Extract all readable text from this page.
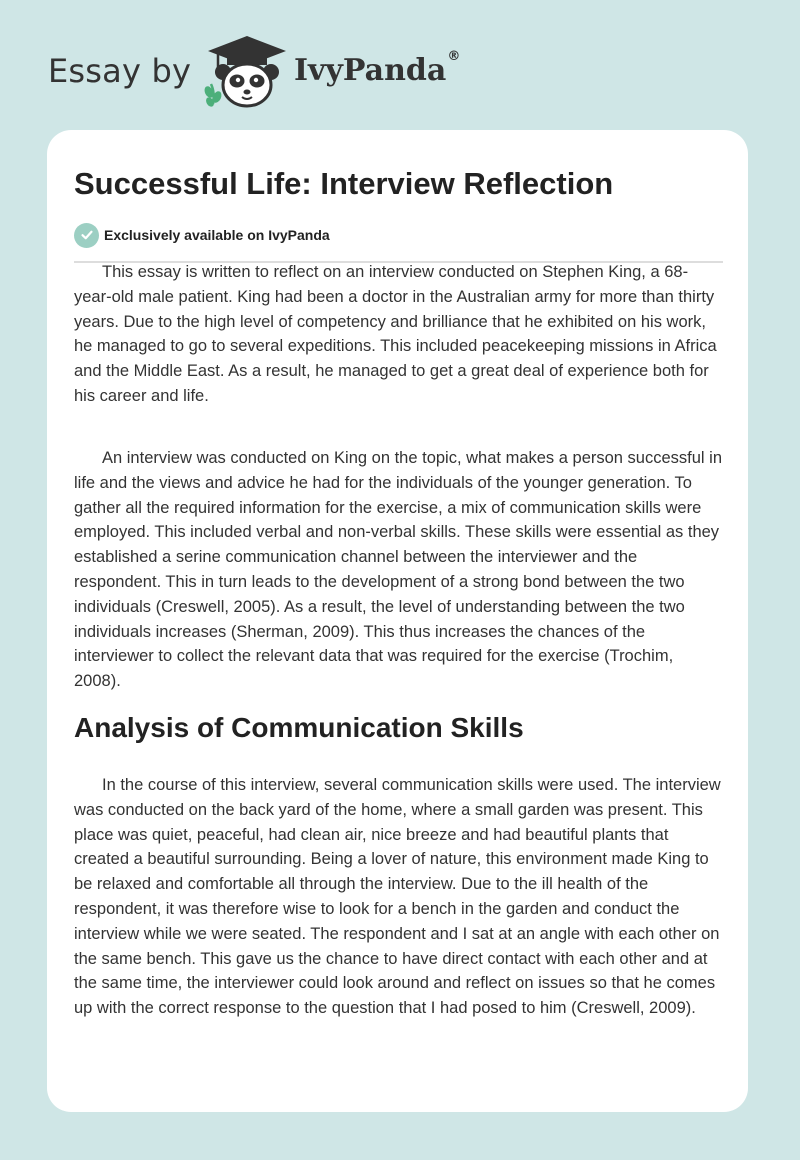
Essay by	IvyPanda®
Successful Life: Interview Reflection
Exclusively available on IvyPanda

This essay is written to reflect on an interview conducted on Stephen King, a 68-year-old male patient. King had been a doctor in the Australian army for more than thirty years. Due to the high level of competency and brilliance that he exhibited on his work, he managed to go to several expeditions. This included peacekeeping missions in Africa and the Middle East. As a result, he managed to get a great deal of experience both for his career and life.

An interview was conducted on King on the topic, what makes a person successful in life and the views and advice he had for the individuals of the younger generation. To gather all the required information for the exercise, a mix of communication skills were employed. This included verbal and non-verbal skills. These skills were essential as they established a serine communication channel between the interviewer and the respondent. This in turn leads to the development of a strong bond between the two individuals (Creswell, 2005). As a result, the level of understanding between the two individuals increases (Sherman, 2009). This thus increases the chances of the interviewer to collect the relevant data that was required for the exercise (Trochim, 2008).

Analysis of Communication Skills

In the course of this interview, several communication skills were used. The interview was conducted on the back yard of the home, where a small garden was present. This place was quiet, peaceful, had clean air, nice breeze and had beautiful plants that created a beautiful surrounding. Being a lover of nature, this environment made King to be relaxed and comfortable all through the interview. Due to the ill health of the respondent, it was therefore wise to look for a bench in the garden and conduct the interview while we were seated. The respondent and I sat at an angle with each other on the same bench. This gave us the chance to have direct contact with each other and at the same time, the interviewer could look around and reflect on issues so that he comes up with the correct response to the question that I had posed to him (Creswell, 2009).
